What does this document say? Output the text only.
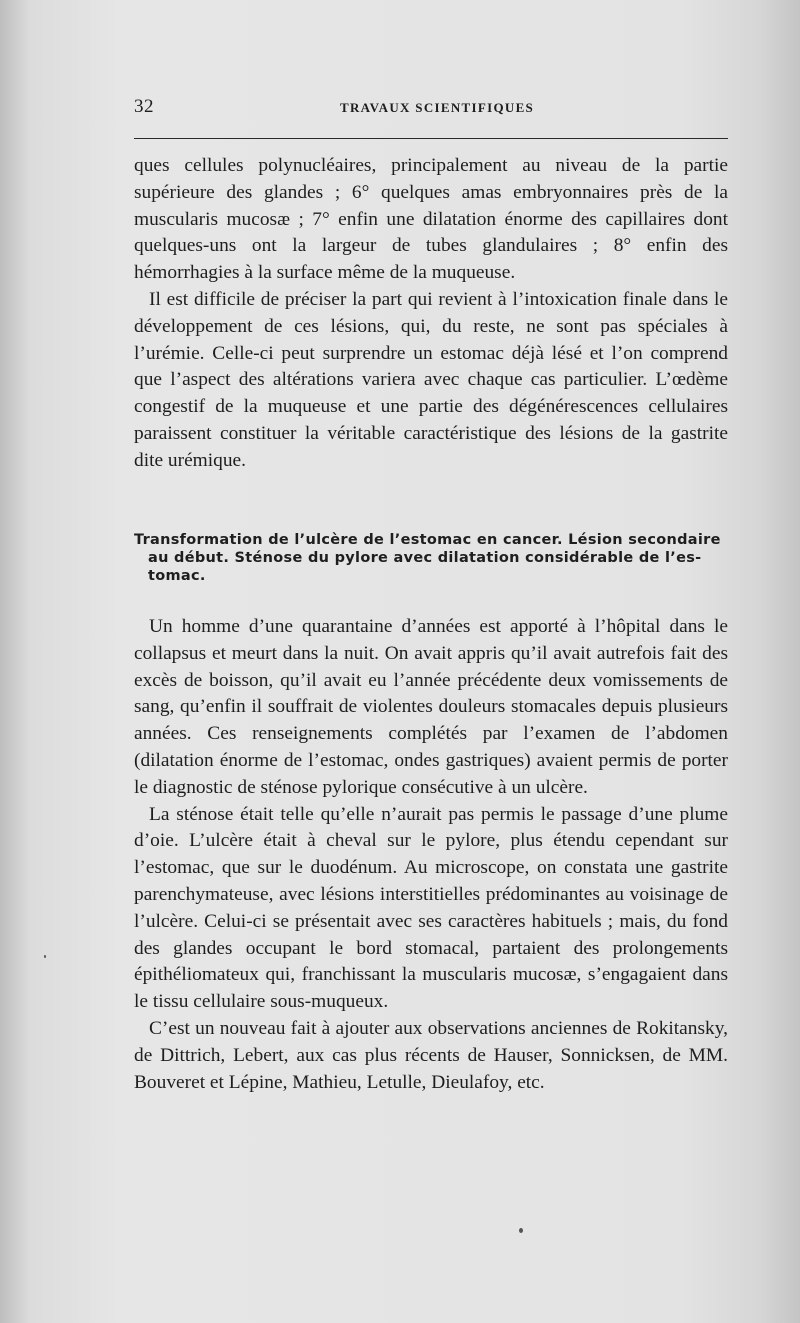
32	TRAVAUX SCIENTIFIQUES

ques cellules polynucléaires, principalement au niveau de la partie supérieure des glandes ; 6° quelques amas embryonnaires près de la muscularis mucosæ ; 7° enfin une dilatation énorme des capillaires dont quelques-uns ont la largeur de tubes glandulaires ; 8° enfin des hémorrhagies à la surface même de la muqueuse.

Il est difficile de préciser la part qui revient à l’intoxication finale dans le développement de ces lésions, qui, du reste, ne sont pas spéciales à l’urémie. Celle-ci peut surprendre un estomac déjà lésé et l’on comprend que l’aspect des altérations variera avec chaque cas particulier. L’œdème congestif de la muqueuse et une partie des dégénérescences cellulaires paraissent constituer la véritable caractéristique des lésions de la gastrite dite urémique.

Transformation de l’ulcère de l’estomac en cancer. Lésion secondaire
au début. Sténose du pylore avec dilatation considérable de l’es-
tomac.

Un homme d’une quarantaine d’années est apporté à l’hôpital dans le collapsus et meurt dans la nuit. On avait appris qu’il avait autrefois fait des excès de boisson, qu’il avait eu l’année précédente deux vomissements de sang, qu’enfin il souffrait de violentes douleurs stomacales depuis plusieurs années. Ces renseignements complétés par l’examen de l’abdomen (dilatation énorme de l’estomac, ondes gastriques) avaient permis de porter le diagnostic de sténose pylorique consécutive à un ulcère.

La sténose était telle qu’elle n’aurait pas permis le passage d’une plume d’oie. L’ulcère était à cheval sur le pylore, plus étendu cependant sur l’estomac, que sur le duodénum. Au microscope, on constata une gastrite parenchymateuse, avec lésions interstitielles prédominantes au voisinage de l’ulcère. Celui-ci se présentait avec ses caractères habituels ; mais, du fond des glandes occupant le bord stomacal, partaient des prolongements épithéliomateux qui, franchissant la muscularis mucosæ, s’engagaient dans le tissu cellulaire sous-muqueux.

C’est un nouveau fait à ajouter aux observations anciennes de Rokitansky, de Dittrich, Lebert, aux cas plus récents de Hauser, Sonnicksen, de MM. Bouveret et Lépine, Mathieu, Letulle, Dieulafoy, etc.
